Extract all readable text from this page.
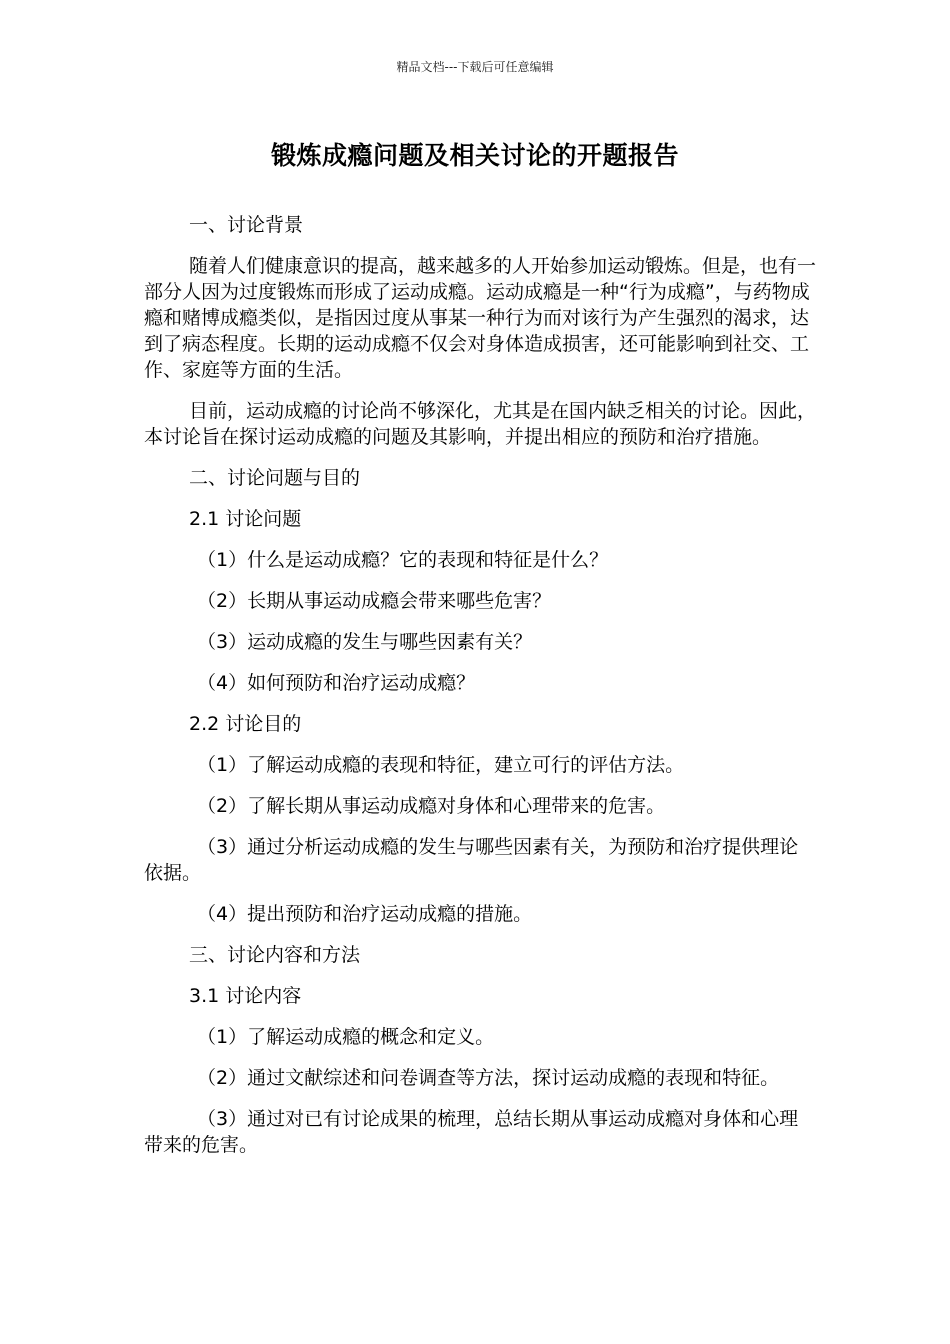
精品文档---下载后可任意编辑
锻炼成瘾问题及相关讨论的开题报告

一、讨论背景

随着人们健康意识的提高，越来越多的人开始参加运动锻炼。但是，也有一部分人因为过度锻炼而形成了运动成瘾。运动成瘾是一种“行为成瘾”，与药物成瘾和赌博成瘾类似，是指因过度从事某一种行为而对该行为产生强烈的渴求，达到了病态程度。长期的运动成瘾不仅会对身体造成损害，还可能影响到社交、工作、家庭等方面的生活。

目前，运动成瘾的讨论尚不够深化，尤其是在国内缺乏相关的讨论。因此，本讨论旨在探讨运动成瘾的问题及其影响，并提出相应的预防和治疗措施。

二、讨论问题与目的

2.1 讨论问题

（1）什么是运动成瘾？它的表现和特征是什么？

（2）长期从事运动成瘾会带来哪些危害？

（3）运动成瘾的发生与哪些因素有关？

（4）如何预防和治疗运动成瘾？

2.2 讨论目的

（1）了解运动成瘾的表现和特征，建立可行的评估方法。

（2）了解长期从事运动成瘾对身体和心理带来的危害。

（3）通过分析运动成瘾的发生与哪些因素有关，为预防和治疗提供理论依据。

（4）提出预防和治疗运动成瘾的措施。

三、讨论内容和方法

3.1 讨论内容

（1）了解运动成瘾的概念和定义。

（2）通过文献综述和问卷调查等方法，探讨运动成瘾的表现和特征。

（3）通过对已有讨论成果的梳理，总结长期从事运动成瘾对身体和心理带来的危害。
